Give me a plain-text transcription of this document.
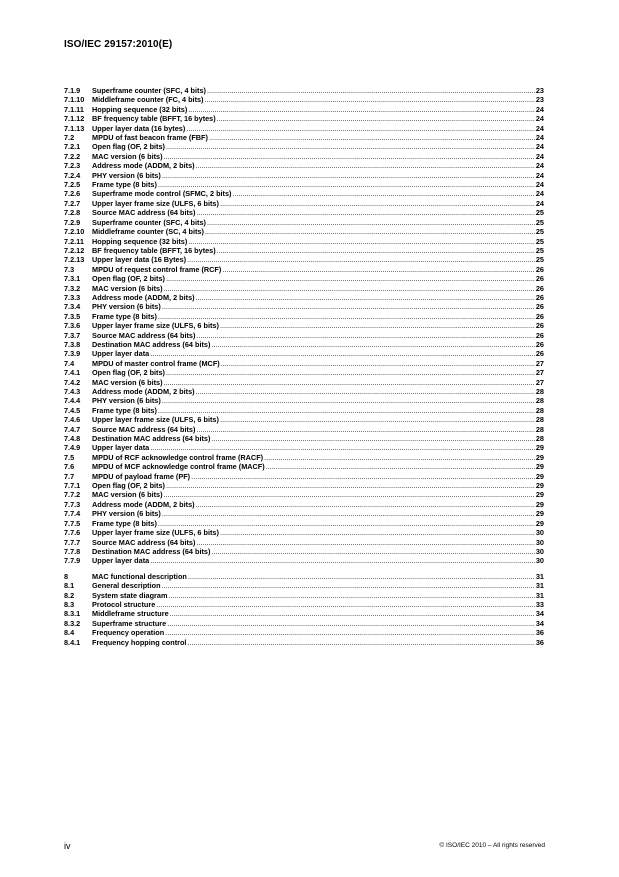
ISO/IEC 29157:2010(E)
7.1.9	Superframe counter (SFC, 4 bits) .....	23
7.1.10	Middleframe counter (FC, 4 bits) .....	23
7.1.11	Hopping sequence (32 bits) .....	24
7.1.12	BF frequency table (BFFT, 16 bytes) .....	24
7.1.13	Upper layer data (16 bytes) .....	24
7.2	MPDU of fast beacon frame (FBF) .....	24
7.2.1	Open flag (OF, 2 bits) .....	24
7.2.2	MAC version (6 bits) .....	24
7.2.3	Address mode (ADDM, 2 bits) .....	24
7.2.4	PHY version (6 bits) .....	24
7.2.5	Frame type (8 bits) .....	24
7.2.6	Superframe mode control (SFMC, 2 bits) .....	24
7.2.7	Upper layer frame size (ULFS, 6 bits) .....	24
7.2.8	Source MAC address (64 bits) .....	25
7.2.9	Superframe counter (SFC, 4 bits) .....	25
7.2.10	Middleframe counter (SC, 4 bits) .....	25
7.2.11	Hopping sequence (32 bits) .....	25
7.2.12	BF frequency table (BFFT, 16 bytes) .....	25
7.2.13	Upper layer data (16 Bytes) .....	25
7.3	MPDU of request control frame (RCF) .....	26
7.3.1	Open flag (OF, 2 bits) .....	26
7.3.2	MAC version (6 bits) .....	26
7.3.3	Address mode (ADDM, 2 bits) .....	26
7.3.4	PHY version (6 bits) .....	26
7.3.5	Frame type (8 bits) .....	26
7.3.6	Upper layer frame size (ULFS, 6 bits) .....	26
7.3.7	Source MAC address (64 bits) .....	26
7.3.8	Destination MAC address (64 bits) .....	26
7.3.9	Upper layer data .....	26
7.4	MPDU of master control frame (MCF) .....	27
7.4.1	Open flag (OF, 2 bits) .....	27
7.4.2	MAC version (6 bits) .....	27
7.4.3	Address mode (ADDM, 2 bits) .....	28
7.4.4	PHY version (6 bits) .....	28
7.4.5	Frame type (8 bits) .....	28
7.4.6	Upper layer frame size (ULFS, 6 bits) .....	28
7.4.7	Source MAC address (64 bits) .....	28
7.4.8	Destination MAC address (64 bits) .....	28
7.4.9	Upper layer data .....	29
7.5	MPDU of RCF acknowledge control frame (RACF) .....	29
7.6	MPDU of MCF acknowledge control frame (MACF) .....	29
7.7	MPDU of payload frame (PF) .....	29
7.7.1	Open flag (OF, 2 bits) .....	29
7.7.2	MAC version (6 bits) .....	29
7.7.3	Address mode (ADDM, 2 bits) .....	29
7.7.4	PHY version (6 bits) .....	29
7.7.5	Frame type (8 bits) .....	29
7.7.6	Upper layer frame size (ULFS, 6 bits) .....	30
7.7.7	Source MAC address (64 bits) .....	30
7.7.8	Destination MAC address (64 bits) .....	30
7.7.9	Upper layer data .....	30
8	MAC functional description .....	31
8.1	General description .....	31
8.2	System state diagram .....	31
8.3	Protocol structure .....	33
8.3.1	Middleframe structure .....	34
8.3.2	Superframe structure .....	34
8.4	Frequency operation .....	36
8.4.1	Frequency hopping control .....	36
iv	© ISO/IEC 2010 – All rights reserved
